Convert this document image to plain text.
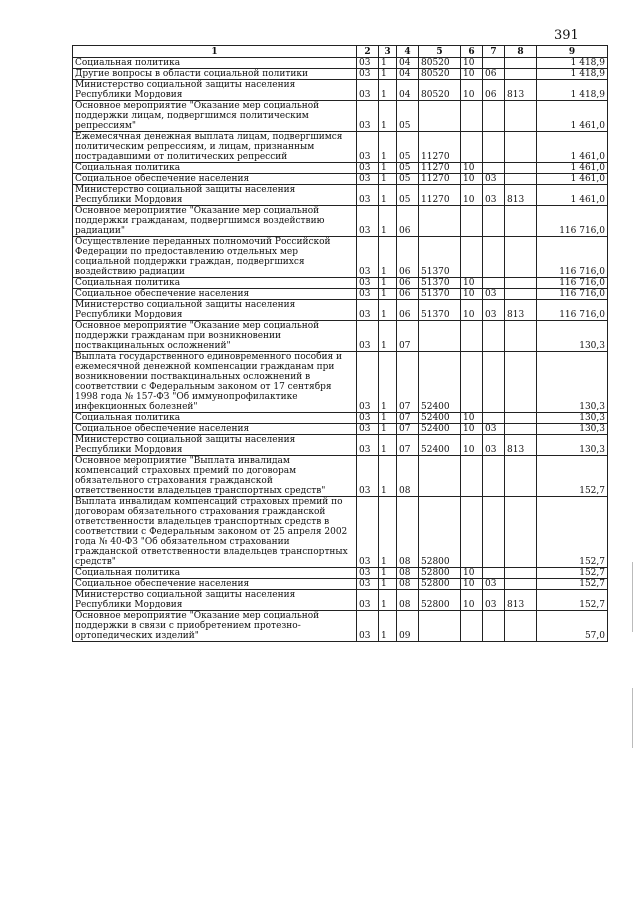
391
1	2	3	4	5	6	7	8	9
Социальная политика	03	1	04	80520	10			1 418,9
Другие вопросы в области социальной политики	03	1	04	80520	10	06		1 418,9
Министерство социальной защиты населения Республики Мордовия	03	1	04	80520	10	06	813	1 418,9
Основное мероприятие "Оказание мер социальной поддержки лицам, подвергшимся политическим репрессиям"	03	1	05					1 461,0
Ежемесячная денежная выплата лицам, подвергшимся политическим репрессиям, и лицам, признанным пострадавшими от политических репрессий	03	1	05	11270				1 461,0
Социальная политика	03	1	05	11270	10			1 461,0
Социальное обеспечение населения	03	1	05	11270	10	03		1 461,0
Министерство социальной защиты населения Республики Мордовия	03	1	05	11270	10	03	813	1 461,0
Основное мероприятие "Оказание мер социальной поддержки гражданам, подвергшимся воздействию радиации"	03	1	06					116 716,0
Осуществление переданных полномочий Российской Федерации по предоставлению отдельных мер социальной поддержки граждан, подвергшихся воздействию радиации	03	1	06	51370				116 716,0
Социальная политика	03	1	06	51370	10			116 716,0
Социальное обеспечение населения	03	1	06	51370	10	03		116 716,0
Министерство социальной защиты населения Республики Мордовия	03	1	06	51370	10	03	813	116 716,0
Основное мероприятие "Оказание мер социальной поддержки гражданам при возникновении поствакцинальных осложнений"	03	1	07					130,3
Выплата государственного единовременного пособия и ежемесячной денежной компенсации гражданам при возникновении поствакцинальных осложнений в соответствии с Федеральным законом от 17 сентября 1998 года № 157-ФЗ "Об иммунопрофилактике инфекционных болезней"	03	1	07	52400				130,3
Социальная политика	03	1	07	52400	10			130,3
Социальное обеспечение населения	03	1	07	52400	10	03		130,3
Министерство социальной защиты населения Республики Мордовия	03	1	07	52400	10	03	813	130,3
Основное мероприятие "Выплата инвалидам компенсаций страховых премий по договорам обязательного страхования гражданской ответственности владельцев транспортных средств"	03	1	08					152,7
Выплата инвалидам компенсаций страховых премий по договорам обязательного страхования гражданской ответственности владельцев транспортных средств в соответствии с Федеральным законом от 25 апреля 2002 года № 40-ФЗ "Об обязательном страховании гражданской ответственности владельцев транспортных средств"	03	1	08	52800				152,7
Социальная политика	03	1	08	52800	10			152,7
Социальное обеспечение населения	03	1	08	52800	10	03		152,7
Министерство социальной защиты населения Республики Мордовия	03	1	08	52800	10	03	813	152,7
Основное мероприятие "Оказание мер социальной поддержки в связи с приобретением протезно-ортопедических изделий"	03	1	09					57,0
